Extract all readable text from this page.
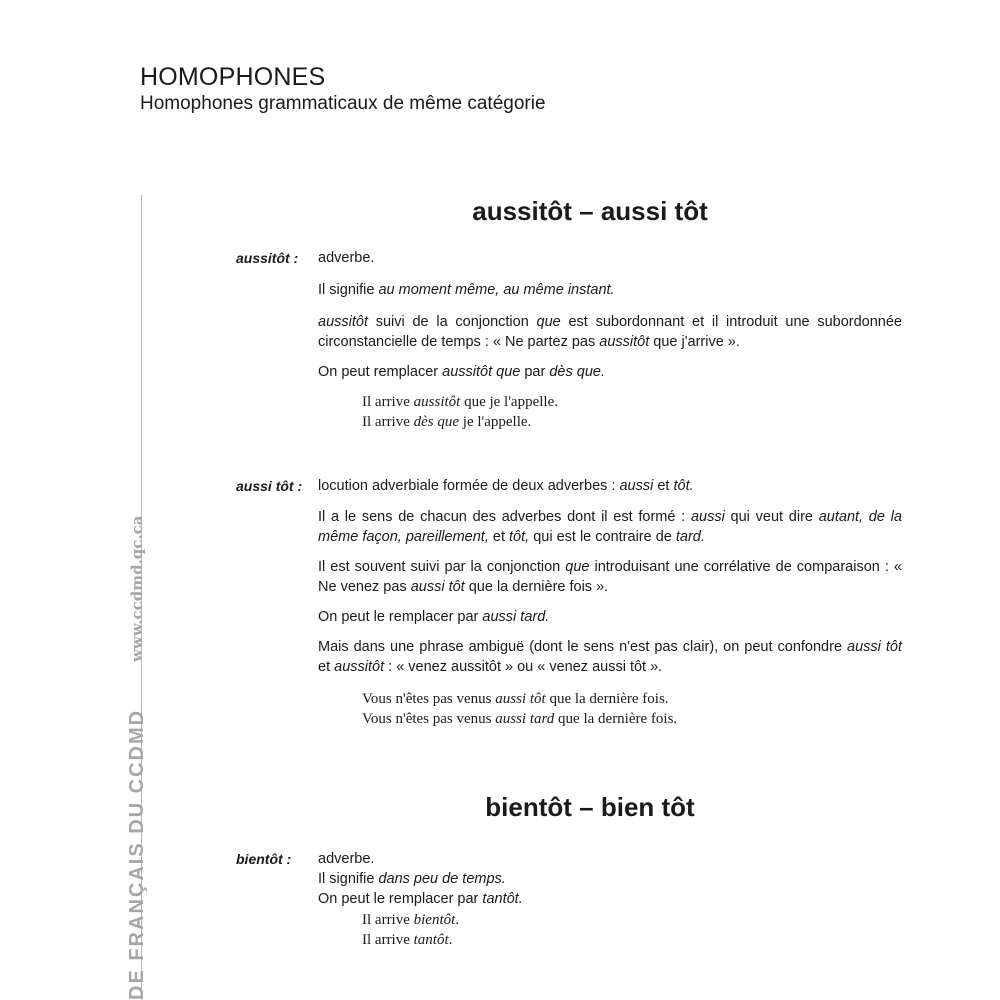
HOMOPHONES
Homophones grammaticaux de même catégorie
DE FRANÇAIS DU CCDMD
www.ccdmd.qc.ca
aussitôt – aussi tôt
aussitôt : adverbe.
Il signifie au moment même, au même instant.
aussitôt suivi de la conjonction que est subordonnant et il introduit une subordonnée circonstancielle de temps : « Ne partez pas aussitôt que j'arrive ».
On peut remplacer aussitôt que par dès que.
Il arrive aussitôt que je l'appelle.
Il arrive dès que je l'appelle.
aussi tôt : locution adverbiale formée de deux adverbes : aussi et tôt.
Il a le sens de chacun des adverbes dont il est formé : aussi qui veut dire autant, de la même façon, pareillement, et tôt, qui est le contraire de tard.
Il est souvent suivi par la conjonction que introduisant une corrélative de comparaison : « Ne venez pas aussi tôt que la dernière fois ».
On peut le remplacer par aussi tard.
Mais dans une phrase ambiguë (dont le sens n'est pas clair), on peut confondre aussi tôt et aussitôt : « venez aussitôt » ou « venez aussi tôt ».
Vous n'êtes pas venus aussi tôt que la dernière fois.
Vous n'êtes pas venus aussi tard que la dernière fois.
bientôt – bien tôt
bientôt : adverbe.
Il signifie dans peu de temps.
On peut le remplacer par tantôt.
Il arrive bientôt.
Il arrive tantôt.
